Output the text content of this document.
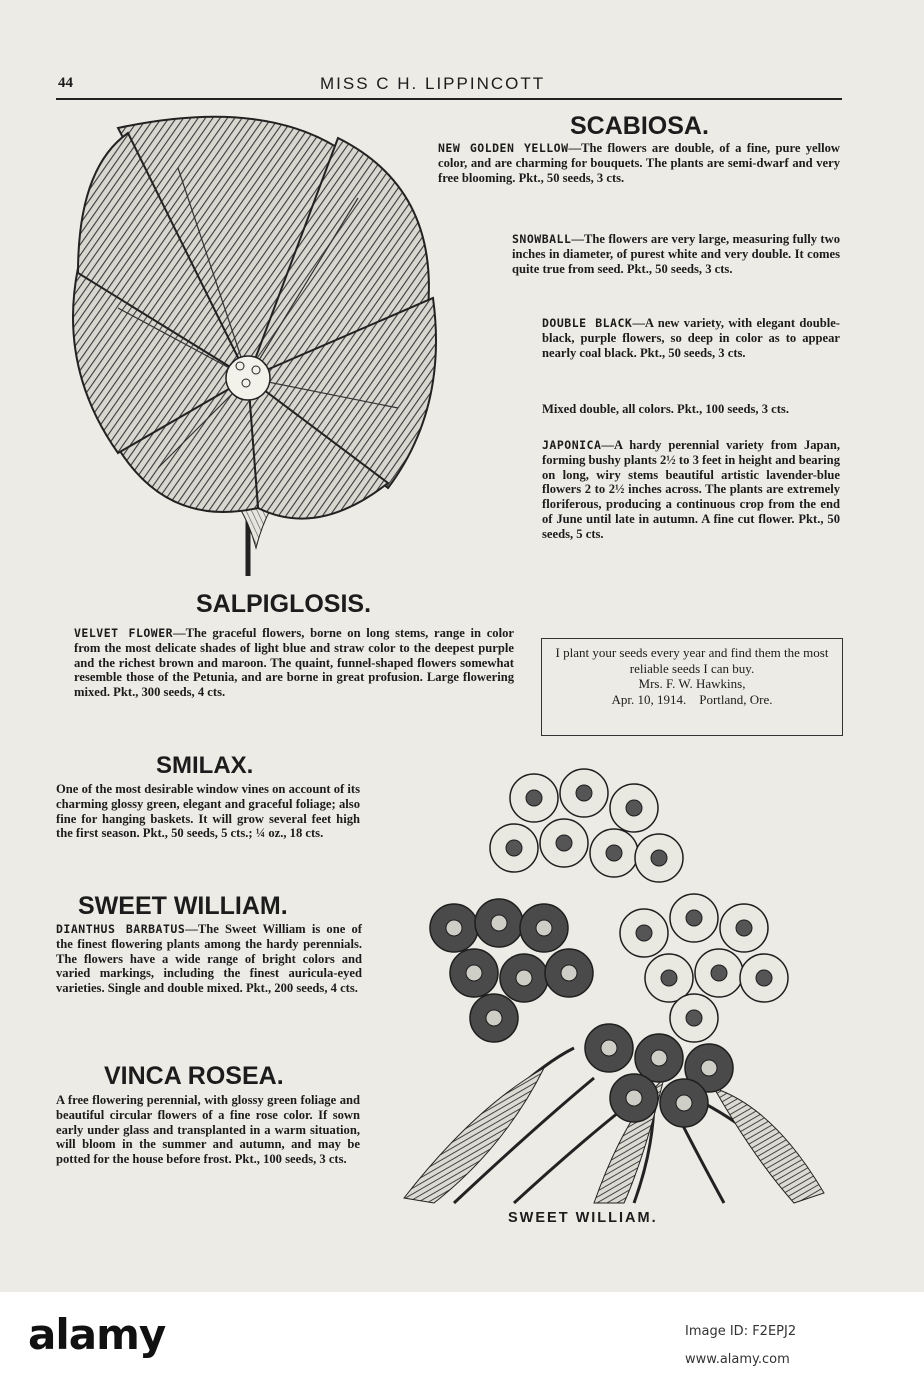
44	MISS C H. LIPPINCOTT
SALPIGLOSIS.
VELVET FLOWER—The graceful flowers, borne on long stems, range in color from the most delicate shades of light blue and straw color to the deepest purple and the richest brown and maroon. The quaint, funnel-shaped flowers somewhat resemble those of the Petunia, and are borne in great profusion. Large flowering mixed. Pkt., 300 seeds, 4 cts.
SMILAX.
One of the most desirable window vines on account of its charming glossy green, elegant and graceful foliage; also fine for hanging baskets. It will grow several feet high the first season. Pkt., 50 seeds, 5 cts.; ¼ oz., 18 cts.
SWEET WILLIAM.
DIANTHUS BARBATUS—The Sweet William is one of the finest flowering plants among the hardy perennials. The flowers have a wide range of bright colors and varied markings, including the finest auricula-eyed varieties. Single and double mixed. Pkt., 200 seeds, 4 cts.
VINCA ROSEA.
A free flowering perennial, with glossy green foliage and beautiful circular flowers of a fine rose color. If sown early under glass and transplanted in a warm situation, will bloom in the summer and autumn, and may be potted for the house before frost. Pkt., 100 seeds, 3 cts.
SCABIOSA.
NEW GOLDEN YELLOW—The flowers are double, of a fine, pure yellow color, and are charming for bouquets. The plants are semi-dwarf and very free blooming. Pkt., 50 seeds, 3 cts.
SNOWBALL—The flowers are very large, measuring fully two inches in diameter, of purest white and very double. It comes quite true from seed. Pkt., 50 seeds, 3 cts.
DOUBLE BLACK—A new variety, with elegant double-black, purple flowers, so deep in color as to appear nearly coal black. Pkt., 50 seeds, 3 cts.
Mixed double, all colors. Pkt., 100 seeds, 3 cts.
JAPONICA—A hardy perennial variety from Japan, forming bushy plants 2½ to 3 feet in height and bearing on long, wiry stems beautiful artistic lavender-blue flowers 2 to 2½ inches across. The plants are extremely floriferous, producing a continuous crop from the end of June until late in autumn. A fine cut flower. Pkt., 50 seeds, 5 cts.
I plant your seeds every year and find them the most reliable seeds I can buy.
Mrs. F. W. Hawkins,
Apr. 10, 1914.    Portland, Ore.
SWEET WILLIAM.
alamy	Image ID: F2EPJ2
www.alamy.com
